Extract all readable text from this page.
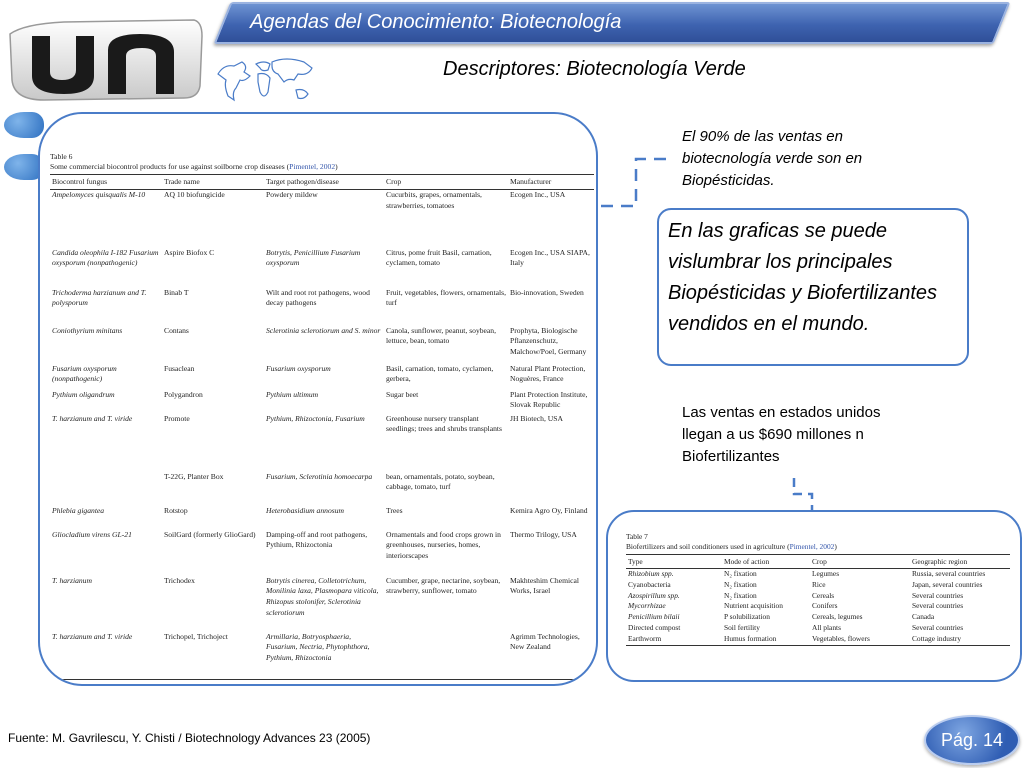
Agendas del Conocimiento: Biotecnología
Descriptores: Biotecnología Verde
Table 6
Some commercial biocontrol products for use against soilborne crop diseases (Pimentel, 2002)
Biocontrol fungus	Trade name	Target pathogen/disease	Crop	Manufacturer
Ampelomyces quisqualis M-10	AQ 10 biofungicide	Powdery mildew	Cucurbits, grapes, ornamentals, strawberries, tomatoes	Ecogen Inc., USA
Candida oleophila I-182 Fusarium oxysporum (nonpathogenic)	Aspire Biofox C	Botrytis, Penicillium Fusarium oxysporum	Citrus, pome fruit Basil, carnation, cyclamen, tomato	Ecogen Inc., USA SIAPA, Italy
Trichoderma harzianum and T. polysporum	Binab T	Wilt and root rot pathogens, wood decay pathogens	Fruit, vegetables, flowers, ornamentals, turf	Bio-innovation, Sweden
Coniothyrium minitans	Contans	Sclerotinia sclerotiorum and S. minor	Canola, sunflower, peanut, soybean, lettuce, bean, tomato	Prophyta, Biologische Pflanzenschutz, Malchow/Poel, Germany
Fusarium oxysporum (nonpathogenic)	Fusaclean	Fusarium oxysporum	Basil, carnation, tomato, cyclamen, gerbera,	Natural Plant Protection, Noguères, France
Pythium oligandrum	Polygandron	Pythium ultimum	Sugar beet	Plant Protection Institute, Slovak Republic
T. harzianum and T. viride	Promote	Pythium, Rhizoctonia, Fusarium	Greenhouse nursery transplant seedlings; trees and shrubs transplants	JH Biotech, USA
	T-22G, Planter Box	Fusarium, Sclerotinia homoecarpa	bean, ornamentals, potato, soybean, cabbage, tomato, turf	
Phlebia gigantea	Rotstop	Heterobasidium annosum	Trees	Kemira Agro Oy, Finland
Gliocladium virens GL-21	SoilGard (formerly GlioGard)	Damping-off and root pathogens, Pythium, Rhizoctonia	Ornamentals and food crops grown in greenhouses, nurseries, homes, interiorscapes	Thermo Trilogy, USA
T. harzianum	Trichodex	Botrytis cinerea, Colletotrichum, Monilinia laxa, Plasmopara viticola, Rhizopus stolonifer, Sclerotinia sclerotiorum	Cucumber, grape, nectarine, soybean, strawberry, sunflower, tomato	Makhteshim Chemical Works, Israel
T. harzianum and T. viride	Trichopel, Trichoject	Armillaria, Botryosphaeria, Fusarium, Nectria, Phytophthora, Pythium, Rhizoctonia		Agrimm Technologies, New Zealand
El 90% de las ventas en biotecnología verde son en Biopésticidas.
En las graficas se puede vislumbrar los principales Biopésticidas y Biofertilizantes vendidos en el mundo.
Las ventas en estados unidos llegan a us $690 millones n Biofertilizantes
Table 7
Biofertilizers and soil conditioners used in agriculture (Pimentel, 2002)
Type	Mode of action	Crop	Geographic region
Rhizobium spp.	N₂ fixation	Legumes	Russia, several countries
Cyanobacteria	N₂ fixation	Rice	Japan, several countries
Azospirillum spp.	N₂ fixation	Cereals	Several countries
Mycorrhizae	Nutrient acquisition	Conifers	Several countries
Penicillium bilaii	P solubilization	Cereals, legumes	Canada
Directed compost	Soil fertility	All plants	Several countries
Earthworm	Humus formation	Vegetables, flowers	Cottage industry
Fuente: M. Gavrilescu, Y. Chisti / Biotechnology Advances 23 (2005)	Pág. 14
